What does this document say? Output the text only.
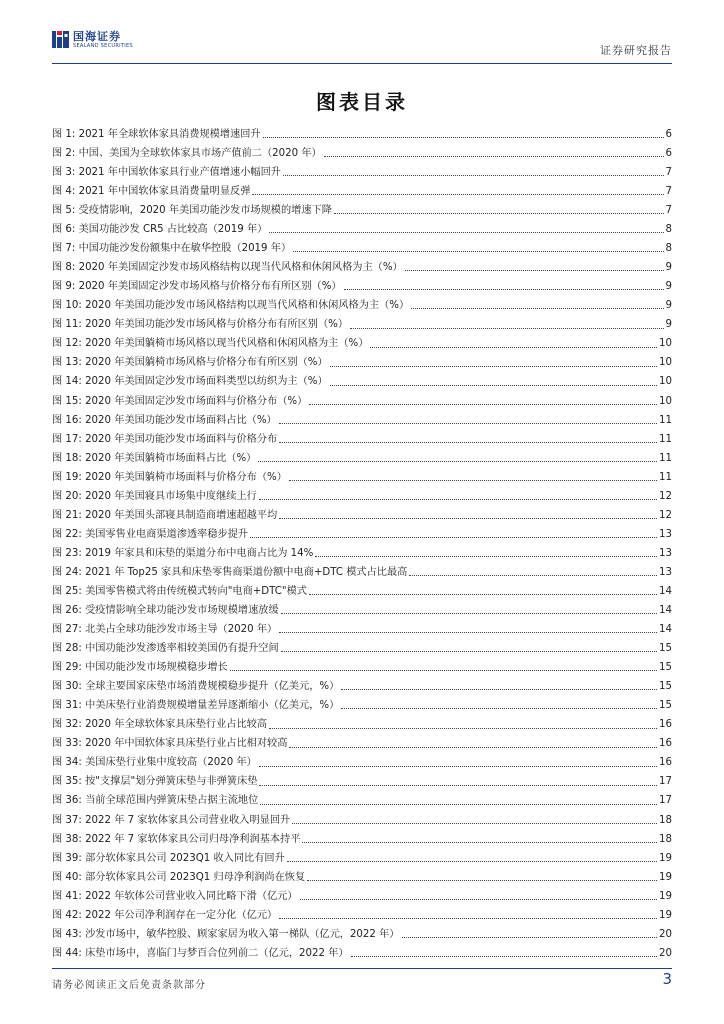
国海证券
SEALAND SECURITIES	证券研究报告
图表目录
图 1: 2021 年全球软体家具消费规模增速回升	6
图 2: 中国、美国为全球软体家具市场产值前二（2020 年）	6
图 3: 2021 年中国软体家具行业产值增速小幅回升	7
图 4: 2021 年中国软体家具消费量明显反弹	7
图 5: 受疫情影响，2020 年美国功能沙发市场规模的增速下降	7
图 6: 美国功能沙发 CR5 占比较高（2019 年）	8
图 7: 中国功能沙发份额集中在敏华控股（2019 年）	8
图 8: 2020 年美国固定沙发市场风格结构以现当代风格和休闲风格为主（%）	9
图 9: 2020 年美国固定沙发市场风格与价格分布有所区别（%）	9
图 10: 2020 年美国功能沙发市场风格结构以现当代风格和休闲风格为主（%）	9
图 11: 2020 年美国功能沙发市场风格与价格分布有所区别（%）	9
图 12: 2020 年美国躺椅市场风格以现当代风格和休闲风格为主（%）	10
图 13: 2020 年美国躺椅市场风格与价格分布有所区别（%）	10
图 14: 2020 年美国固定沙发市场面料类型以纺织为主（%）	10
图 15: 2020 年美国固定沙发市场面料与价格分布（%）	10
图 16: 2020 年美国功能沙发市场面料占比（%）	11
图 17: 2020 年美国功能沙发市场面料与价格分布	11
图 18: 2020 年美国躺椅市场面料占比（%）	11
图 19: 2020 年美国躺椅市场面料与价格分布（%）	11
图 20: 2020 年美国寝具市场集中度继续上行	12
图 21: 2020 年美国头部寝具制造商增速超越平均	12
图 22: 美国零售业电商渠道渗透率稳步提升	13
图 23: 2019 年家具和床垫的渠道分布中电商占比为 14%	13
图 24: 2021 年 Top25 家具和床垫零售商渠道份额中电商+DTC 模式占比最高	13
图 25: 美国零售模式将由传统模式转向"电商+DTC"模式	14
图 26: 受疫情影响全球功能沙发市场规模增速放缓	14
图 27: 北美占全球功能沙发市场主导（2020 年）	14
图 28: 中国功能沙发渗透率相较美国仍有提升空间	15
图 29: 中国功能沙发市场规模稳步增长	15
图 30: 全球主要国家床垫市场消费规模稳步提升（亿美元，%）	15
图 31: 中美床垫行业消费规模增量差异逐渐缩小（亿美元，%）	15
图 32: 2020 年全球软体家具床垫行业占比较高	16
图 33: 2020 年中国软体家具床垫行业占比相对较高	16
图 34: 美国床垫行业集中度较高（2020 年）	16
图 35: 按"支撑层"划分弹簧床垫与非弹簧床垫	17
图 36: 当前全球范围内弹簧床垫占据主流地位	17
图 37: 2022 年 7 家软体家具公司营业收入明显回升	18
图 38: 2022 年 7 家软体家具公司归母净利润基本持平	18
图 39: 部分软体家具公司 2023Q1 收入同比有回升	19
图 40: 部分软体家具公司 2023Q1 归母净利润尚在恢复	19
图 41: 2022 年软体公司营业收入同比略下滑（亿元）	19
图 42: 2022 年公司净利润存在一定分化（亿元）	19
图 43: 沙发市场中，敏华控股、顾家家居为收入第一梯队（亿元，2022 年）	20
图 44: 床垫市场中，喜临门与梦百合位列前二（亿元，2022 年）	20
请务必阅读正文后免责条款部分	3
